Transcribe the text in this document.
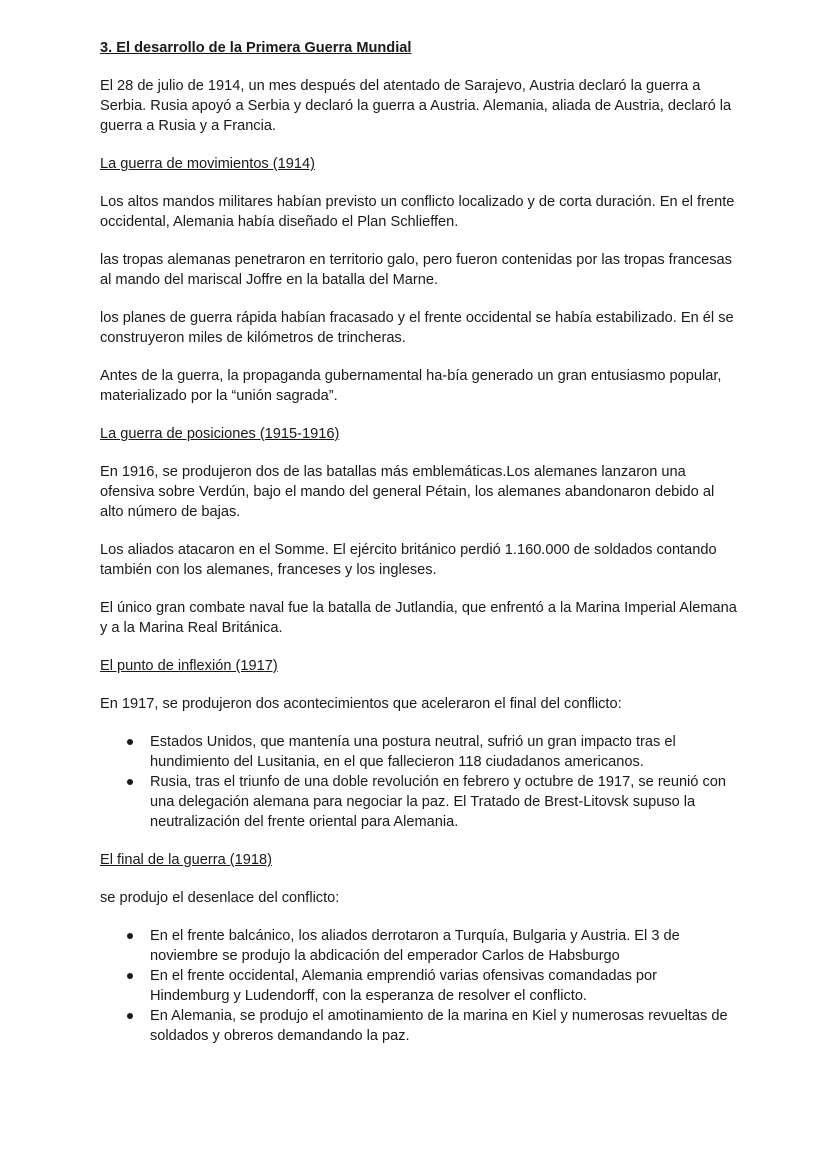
3. El desarrollo de la Primera Guerra Mundial

El 28 de julio de 1914, un mes después del atentado de Sarajevo, Austria declaró la guerra a Serbia. Rusia apoyó a Serbia y declaró la guerra a Austria. Alemania, aliada de Austria, declaró la guerra a Rusia y a Francia.

La guerra de movimientos (1914)

Los altos mandos militares habían previsto un conflicto localizado y de corta duración. En el frente occidental, Alemania había diseñado el Plan Schlieffen.

las tropas alemanas penetraron en territorio galo, pero fueron contenidas por las tropas francesas al mando del mariscal Joffre en la batalla del Marne.

los planes de guerra rápida habían fracasado y el frente occidental se había estabilizado. En él se construyeron miles de kilómetros de trincheras.

Antes de la guerra, la propaganda gubernamental ha-bía generado un gran entusiasmo popular, materializado por la “unión sagrada”.

La guerra de posiciones (1915-1916)

En 1916, se produjeron dos de las batallas más emblemáticas.Los alemanes lanzaron una ofensiva sobre Verdún, bajo el mando del general Pétain, los alemanes abandonaron debido al alto número de bajas.

Los aliados atacaron en el Somme. El ejército británico perdió 1.160.000 de soldados contando también con los alemanes, franceses y los ingleses.

El único gran combate naval fue la batalla de Jutlandia, que enfrentó a la Marina Imperial Alemana y a la Marina Real Británica.

El punto de inflexión (1917)

En 1917, se produjeron dos acontecimientos que aceleraron el final del conflicto:

Estados Unidos, que mantenía una postura neutral, sufrió un gran impacto tras el hundimiento del Lusitania, en el que fallecieron 118 ciudadanos americanos.
Rusia, tras el triunfo de una doble revolución en febrero y octubre de 1917, se reunió con una delegación alemana para negociar la paz. El Tratado de Brest-Litovsk supuso la neutralización del frente oriental para Alemania.
El final de la guerra (1918)

se produjo el desenlace del conflicto:

En el frente balcánico, los aliados derrotaron a Turquía, Bulgaria y Austria. El 3 de noviembre se produjo la abdicación del emperador Carlos de Habsburgo
En el frente occidental, Alemania emprendió varias ofensivas comandadas por Hindemburg y Ludendorff, con la esperanza de resolver el conflicto.
En Alemania, se produjo el amotinamiento de la marina en Kiel y numerosas revueltas de soldados y obreros demandando la paz.
